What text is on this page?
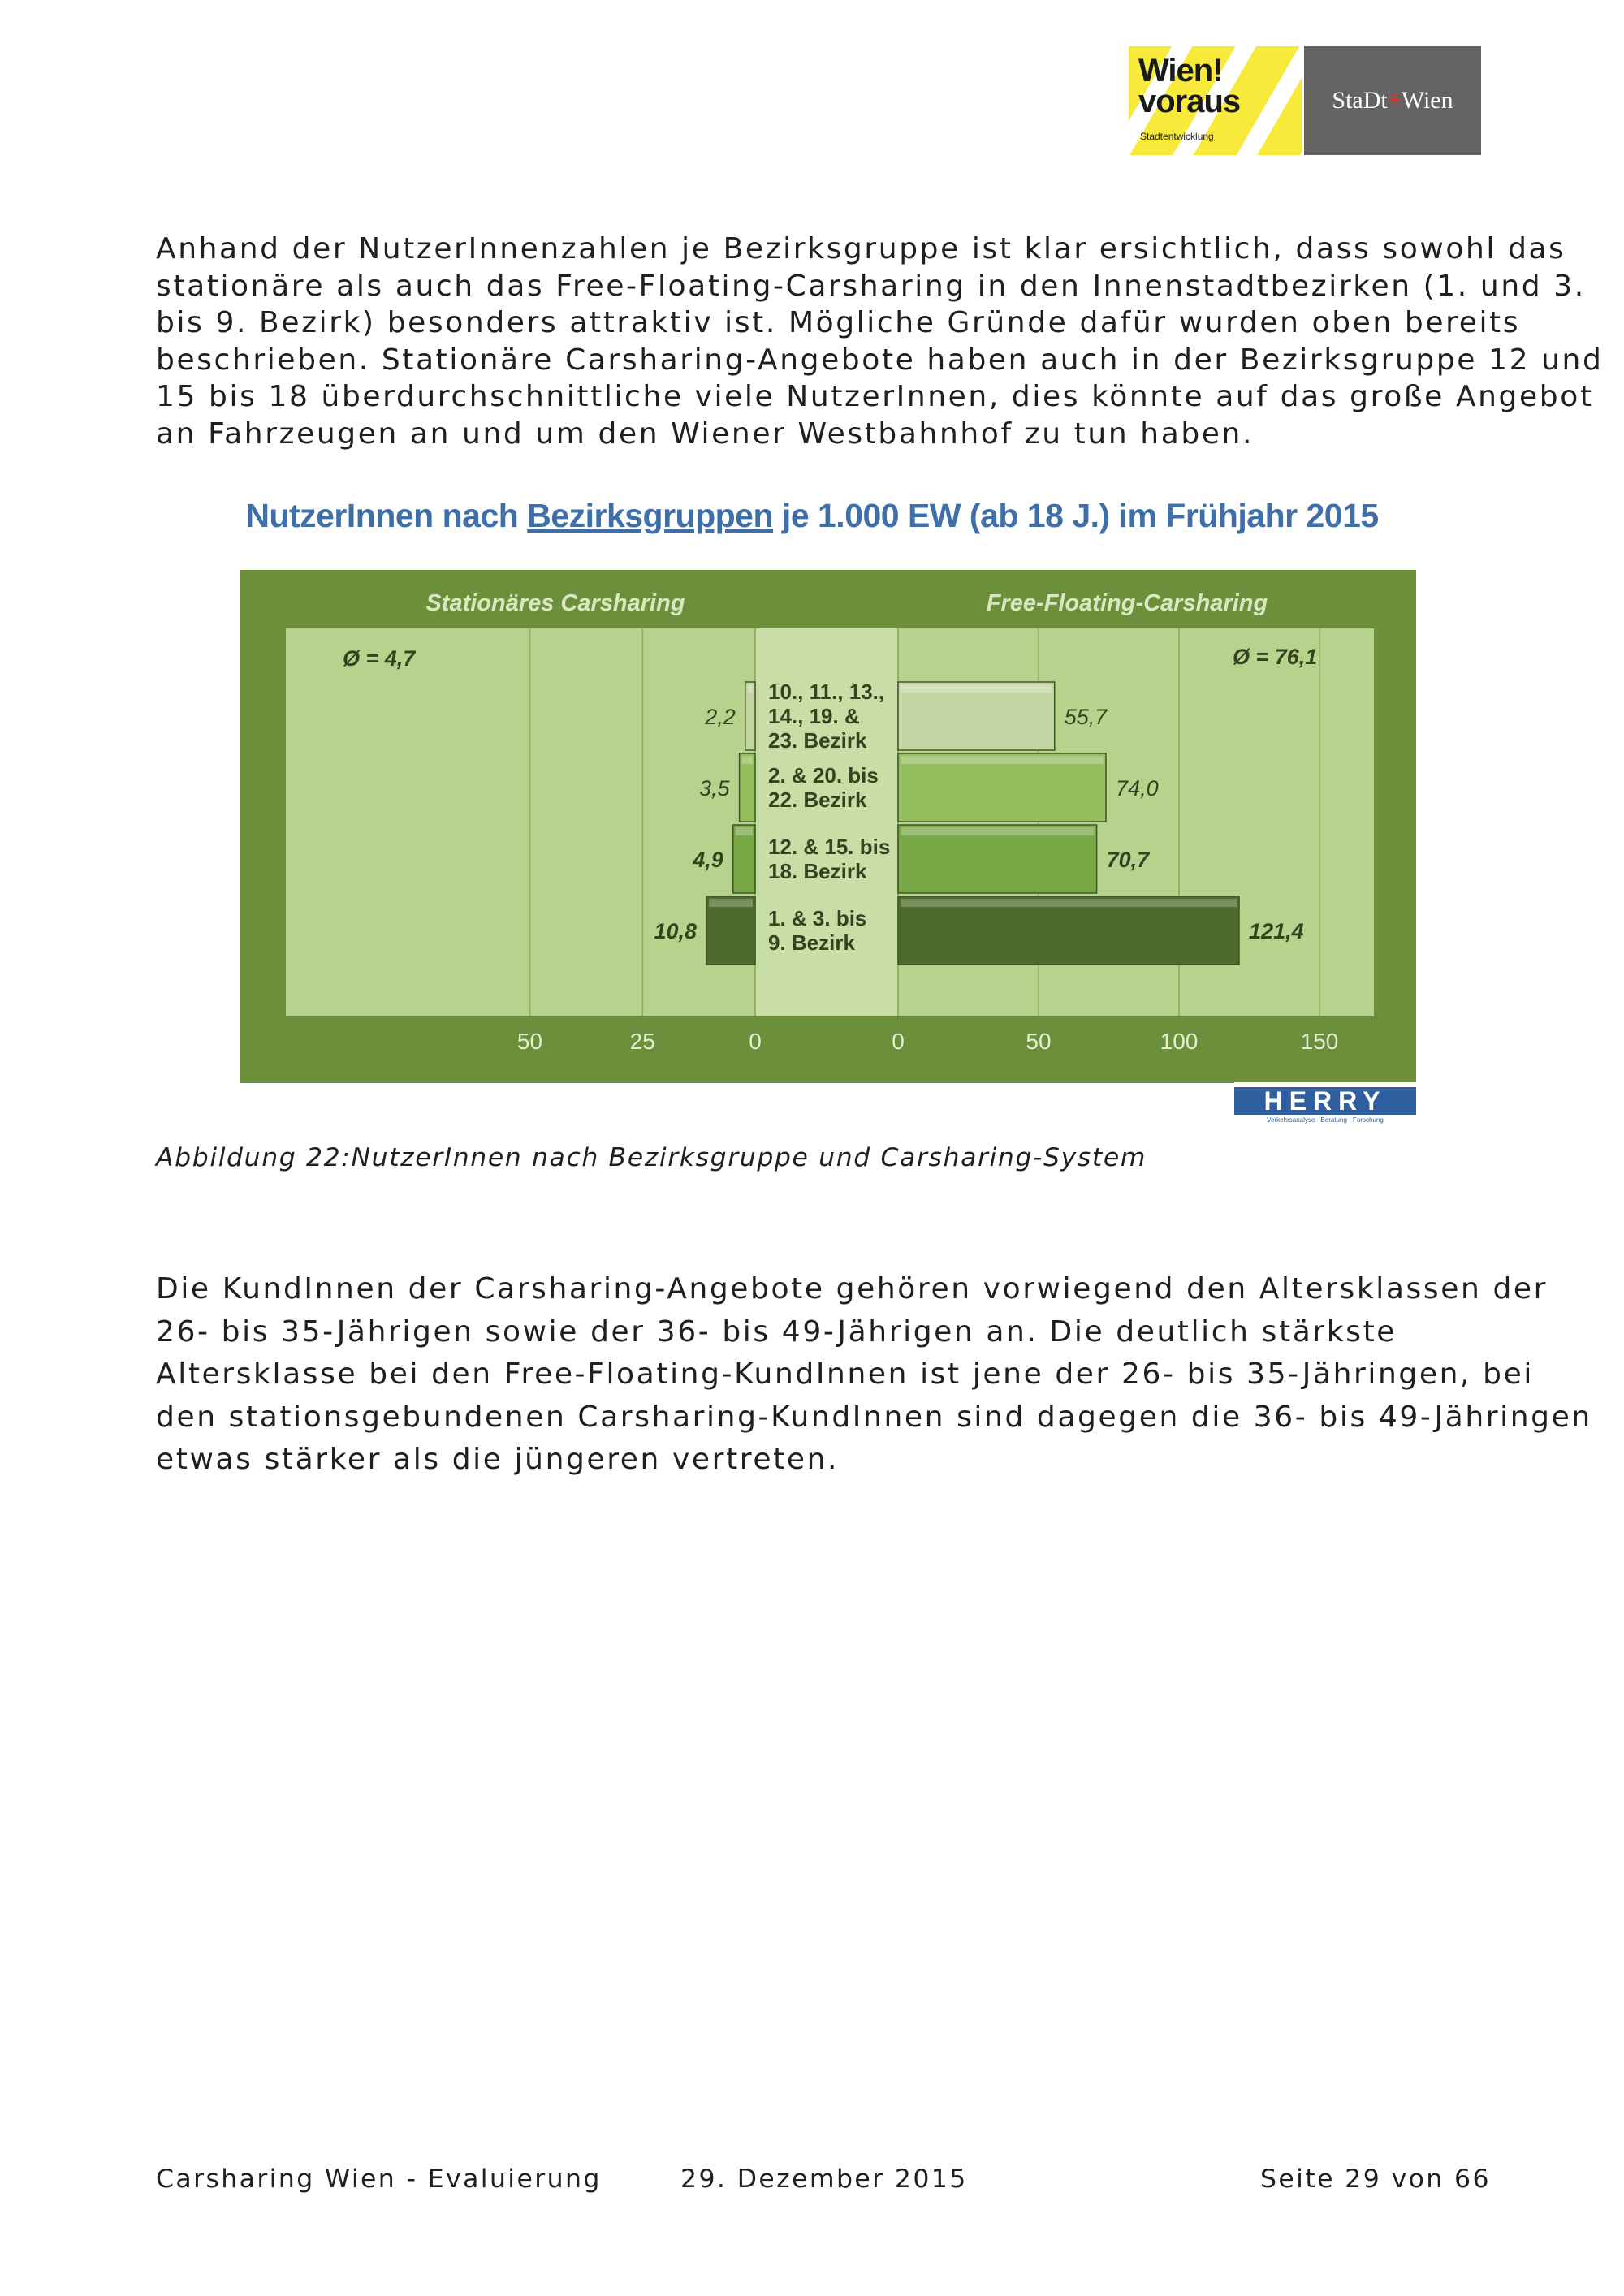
Wien!
voraus
Stadtentwicklung
StaDt + Wien
Anhand der NutzerInnenzahlen je Bezirksgruppe ist klar ersichtlich, dass sowohl das
stationäre als auch das Free-Floating-Carsharing in den Innenstadtbezirken (1. und 3.
bis 9. Bezirk) besonders attraktiv ist. Mögliche Gründe dafür wurden oben bereits
beschrieben. Stationäre Carsharing-Angebote haben auch in der Bezirksgruppe 12 und
15 bis 18 überdurchschnittliche viele NutzerInnen, dies könnte auf das große Angebot
an Fahrzeugen an und um den Wiener Westbahnhof zu tun haben.
NutzerInnen nach Bezirksgruppen je 1.000 EW (ab 18 J.) im Frühjahr 2015
Stationäres Carsharing	Free-Floating-Carsharing
Ø = 4,7	Ø = 76,1
2,2	55,7
10., 11., 13.,
14., 19. &
23. Bezirk
3,5	74,0
2. & 20. bis
22. Bezirk
4,9	70,7
12. & 15. bis
18. Bezirk
10,8	121,4
1. & 3. bis
9. Bezirk
50	25	0	0	50	100	150
HERRY
Verkehrsanalyse · Beratung · Forschung
Abbildung 22:NutzerInnen nach Bezirksgruppe und Carsharing-System
Die KundInnen der Carsharing-Angebote gehören vorwiegend den Altersklassen der
26- bis 35-Jährigen sowie der 36- bis 49-Jährigen an. Die deutlich stärkste
Altersklasse bei den Free-Floating-KundInnen ist jene der 26- bis 35-Jähringen, bei
den stationsgebundenen Carsharing-KundInnen sind dagegen die 36- bis 49-Jähringen
etwas stärker als die jüngeren vertreten.
Carsharing Wien - Evaluierung	29. Dezember 2015	Seite 29 von 66
